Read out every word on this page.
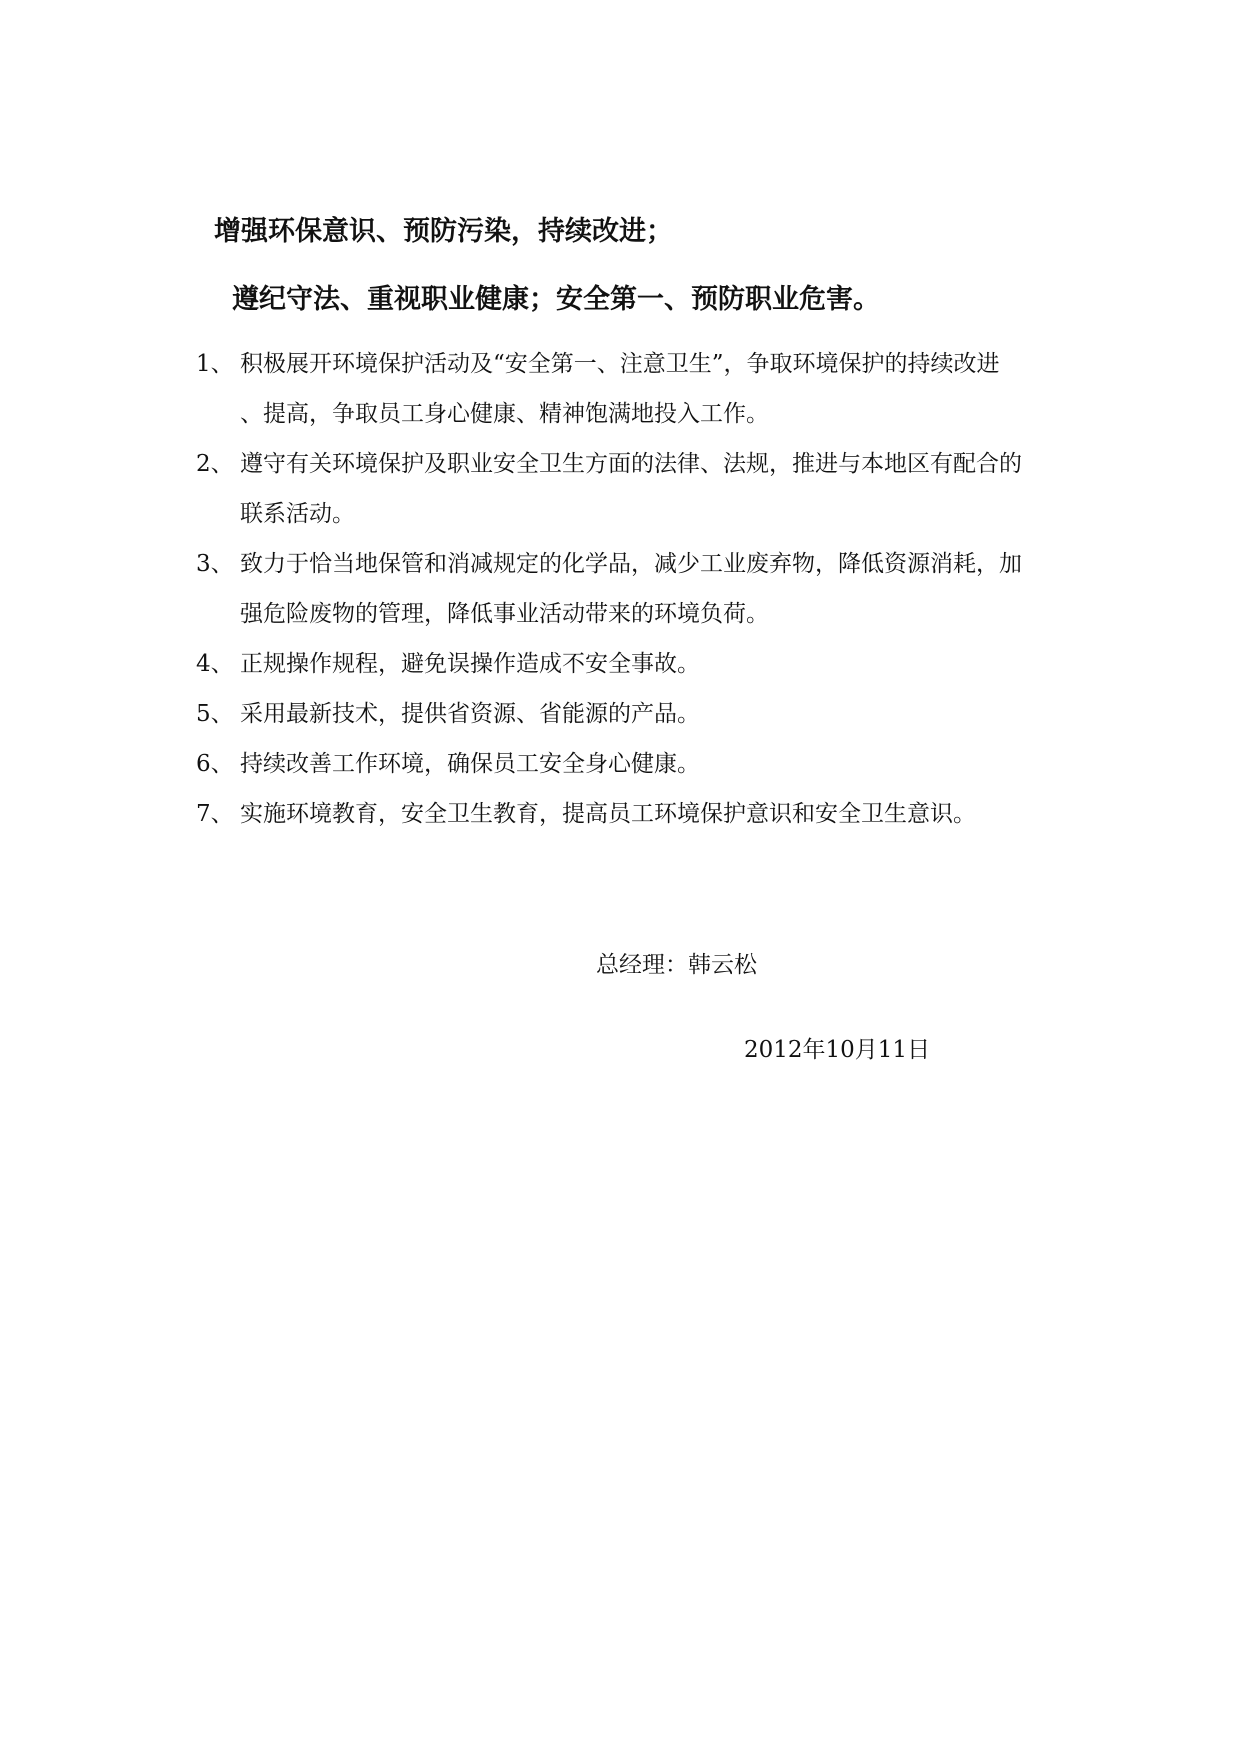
增强环保意识、预防污染，持续改进；
遵纪守法、重视职业健康；安全第一、预防职业危害。
1、 积极展开环境保护活动及“安全第一、注意卫生”，争取环境保护的持续改进
、提高，争取员工身心健康、精神饱满地投入工作。
2、 遵守有关环境保护及职业安全卫生方面的法律、法规，推进与本地区有配合的
联系活动。
3、 致力于恰当地保管和消减规定的化学品，减少工业废弃物，降低资源消耗，加
强危险废物的管理，降低事业活动带来的环境负荷。
4、 正规操作规程，避免误操作造成不安全事故。
5、 采用最新技术，提供省资源、省能源的产品。
6、 持续改善工作环境，确保员工安全身心健康。
7、 实施环境教育，安全卫生教育，提高员工环境保护意识和安全卫生意识。
总经理：韩云松
2012年10月11日
